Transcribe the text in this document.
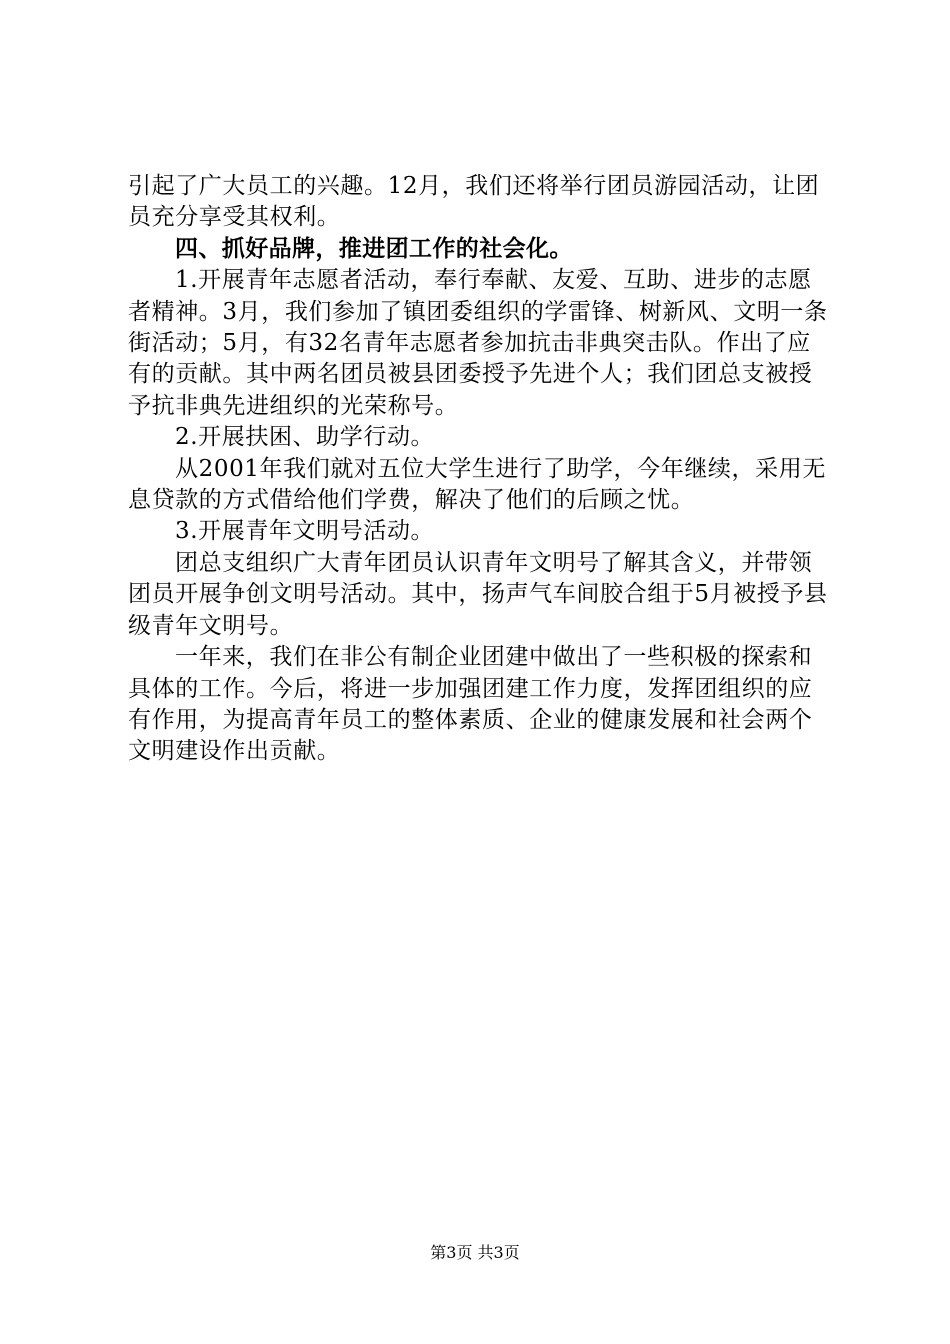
引起了广大员工的兴趣。12月，我们还将举行团员游园活动，让团员充分享受其权利。

四、抓好品牌，推进团工作的社会化。

1.开展青年志愿者活动，奉行奉献、友爱、互助、进步的志愿者精神。3月，我们参加了镇团委组织的学雷锋、树新风、文明一条街活动；5月，有32名青年志愿者参加抗击非典突击队。作出了应有的贡献。其中两名团员被县团委授予先进个人；我们团总支被授予抗非典先进组织的光荣称号。

2.开展扶困、助学行动。

从2001年我们就对五位大学生进行了助学，今年继续，采用无息贷款的方式借给他们学费，解决了他们的后顾之忧。

3.开展青年文明号活动。

团总支组织广大青年团员认识青年文明号了解其含义，并带领团员开展争创文明号活动。其中，扬声气车间胶合组于5月被授予县级青年文明号。

一年来，我们在非公有制企业团建中做出了一些积极的探索和具体的工作。今后，将进一步加强团建工作力度，发挥团组织的应有作用，为提高青年员工的整体素质、企业的健康发展和社会两个文明建设作出贡献。

第3页 共3页
